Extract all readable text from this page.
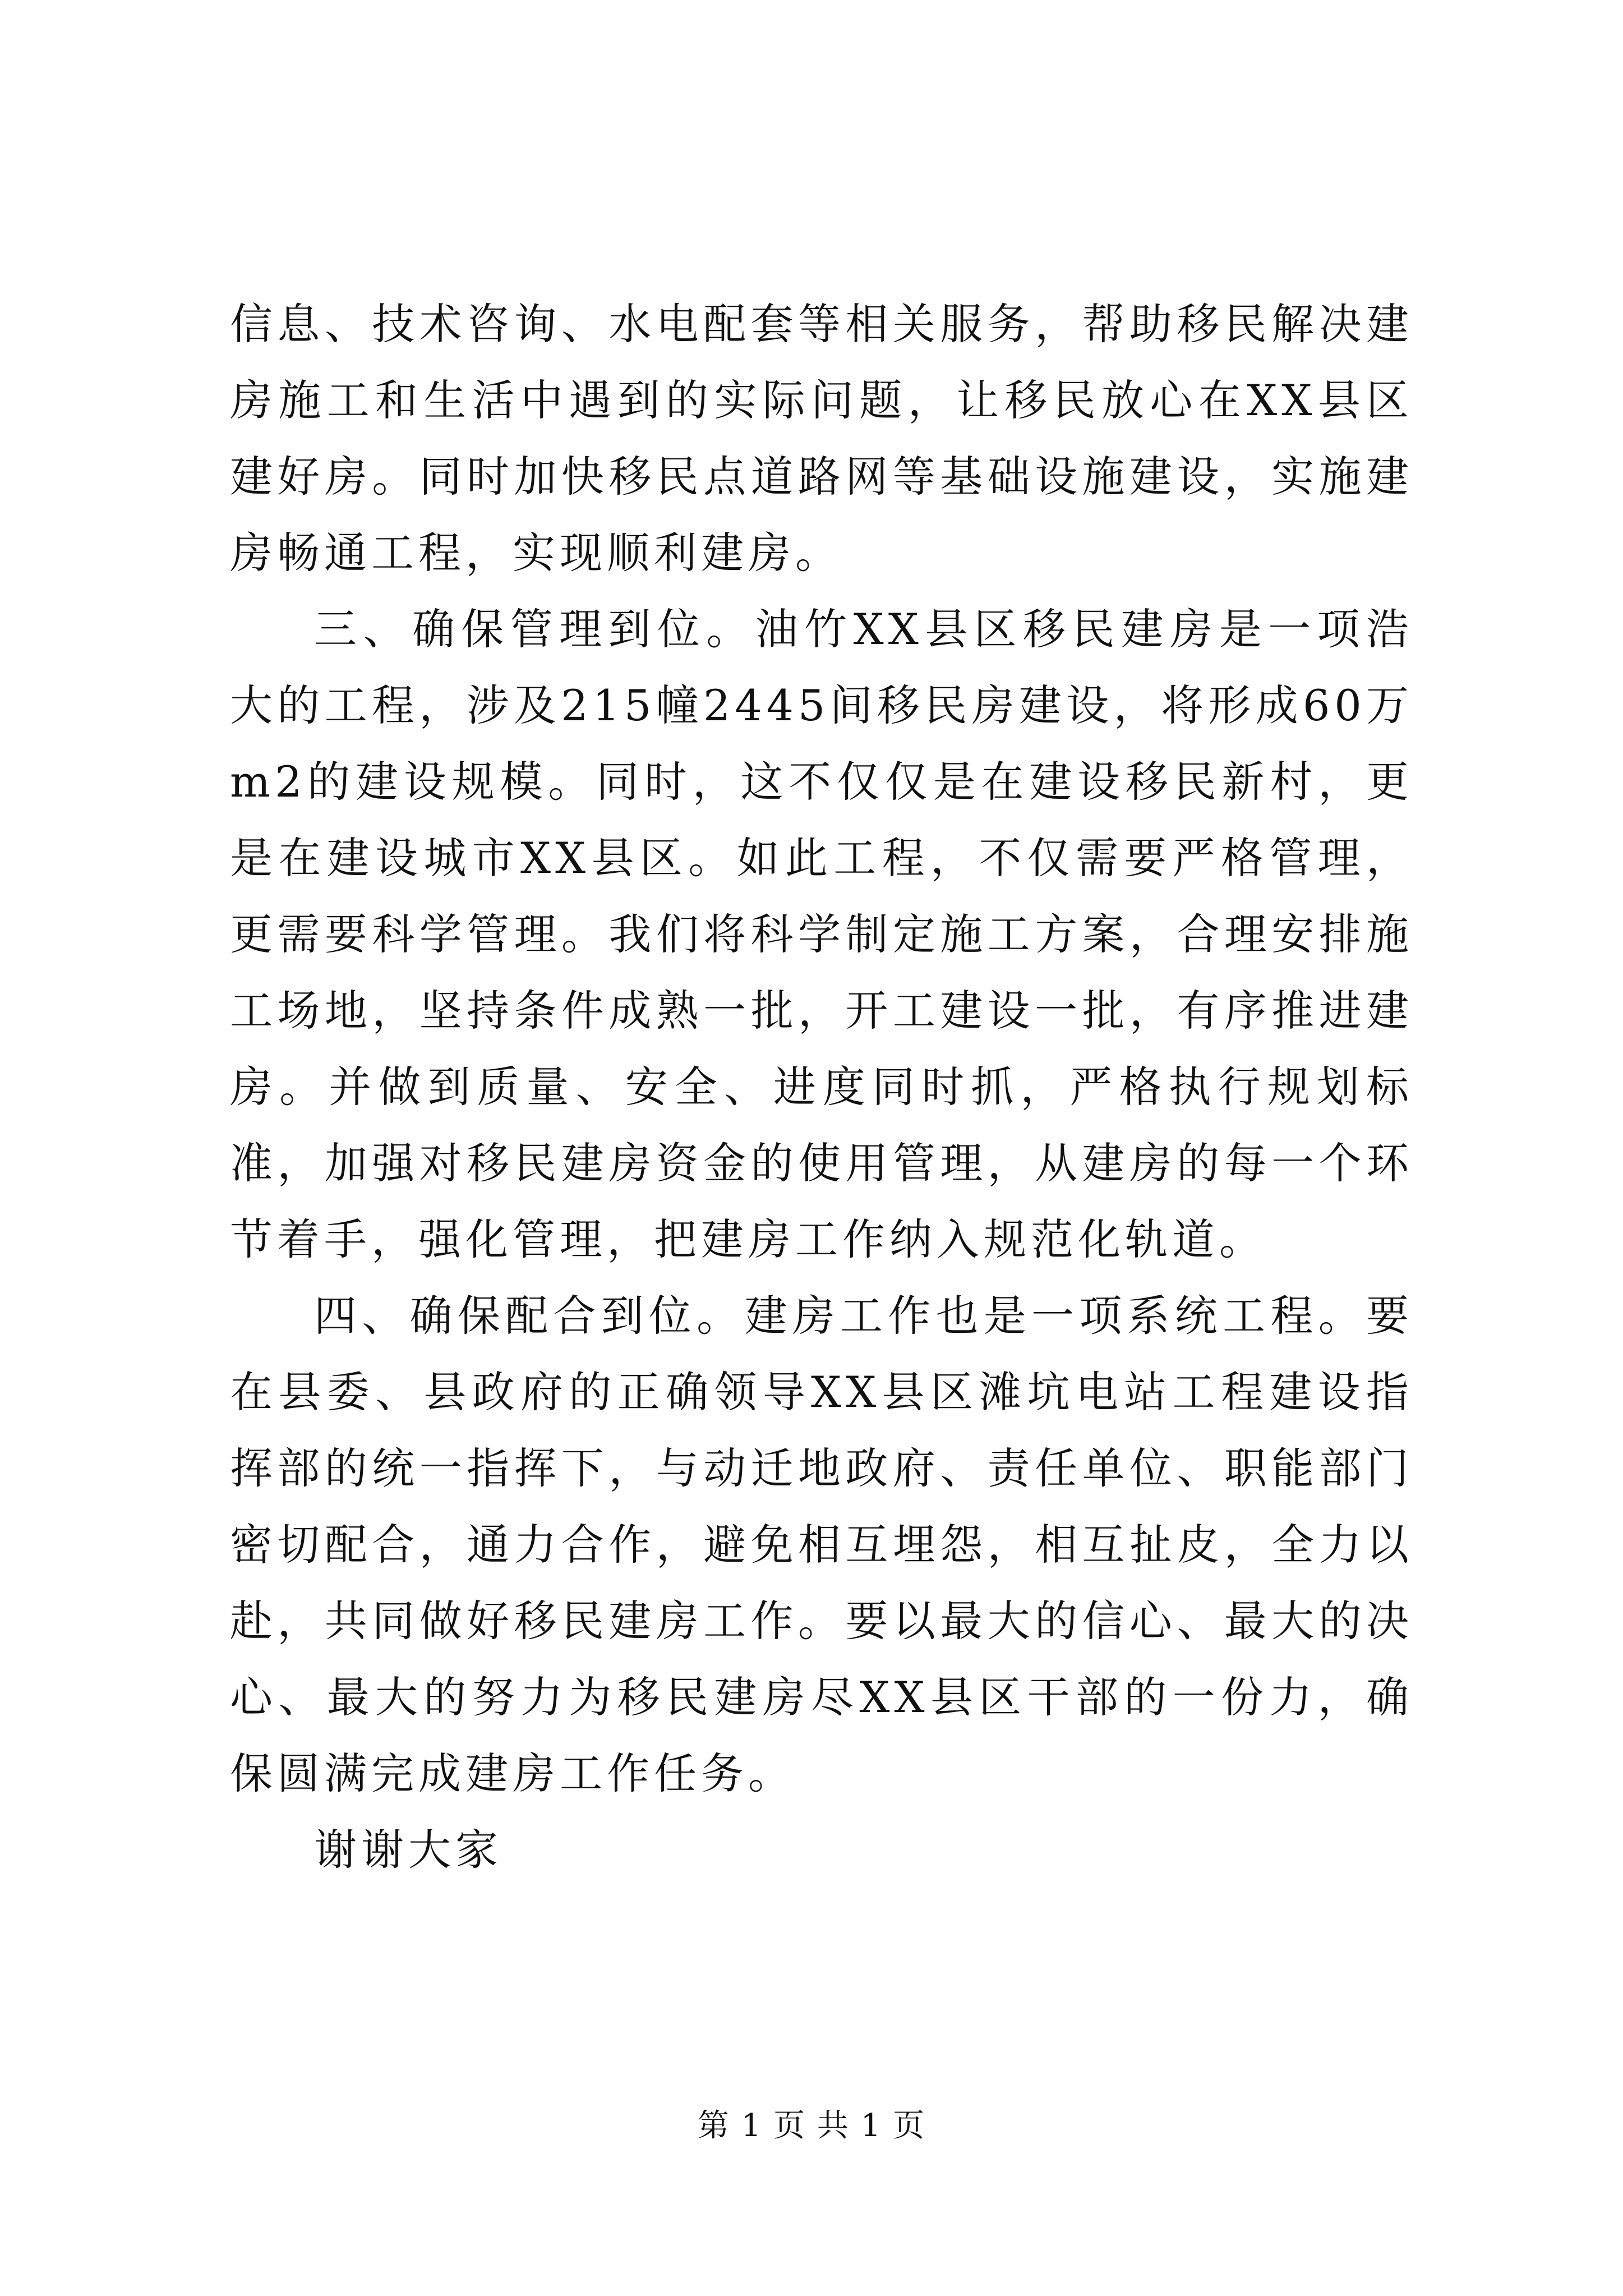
信息、技术咨询、水电配套等相关服务，帮助移民解决建房施工和生活中遇到的实际问题，让移民放心在XX县区建好房。同时加快移民点道路网等基础设施建设，实施建房畅通工程，实现顺利建房。

三、确保管理到位。油竹XX县区移民建房是一项浩大的工程，涉及215幢2445间移民房建设，将形成60万m2的建设规模。同时，这不仅仅是在建设移民新村，更是在建设城市XX县区。如此工程，不仅需要严格管理，更需要科学管理。我们将科学制定施工方案，合理安排施工场地，坚持条件成熟一批，开工建设一批，有序推进建房。并做到质量、安全、进度同时抓，严格执行规划标准，加强对移民建房资金的使用管理，从建房的每一个环节着手，强化管理，把建房工作纳入规范化轨道。

四、确保配合到位。建房工作也是一项系统工程。要在县委、县政府的正确领导XX县区滩坑电站工程建设指挥部的统一指挥下，与动迁地政府、责任单位、职能部门密切配合，通力合作，避免相互埋怨，相互扯皮，全力以赴，共同做好移民建房工作。要以最大的信心、最大的决心、最大的努力为移民建房尽XX县区干部的一份力，确保圆满完成建房工作任务。

谢谢大家

第 1 页 共 1 页
